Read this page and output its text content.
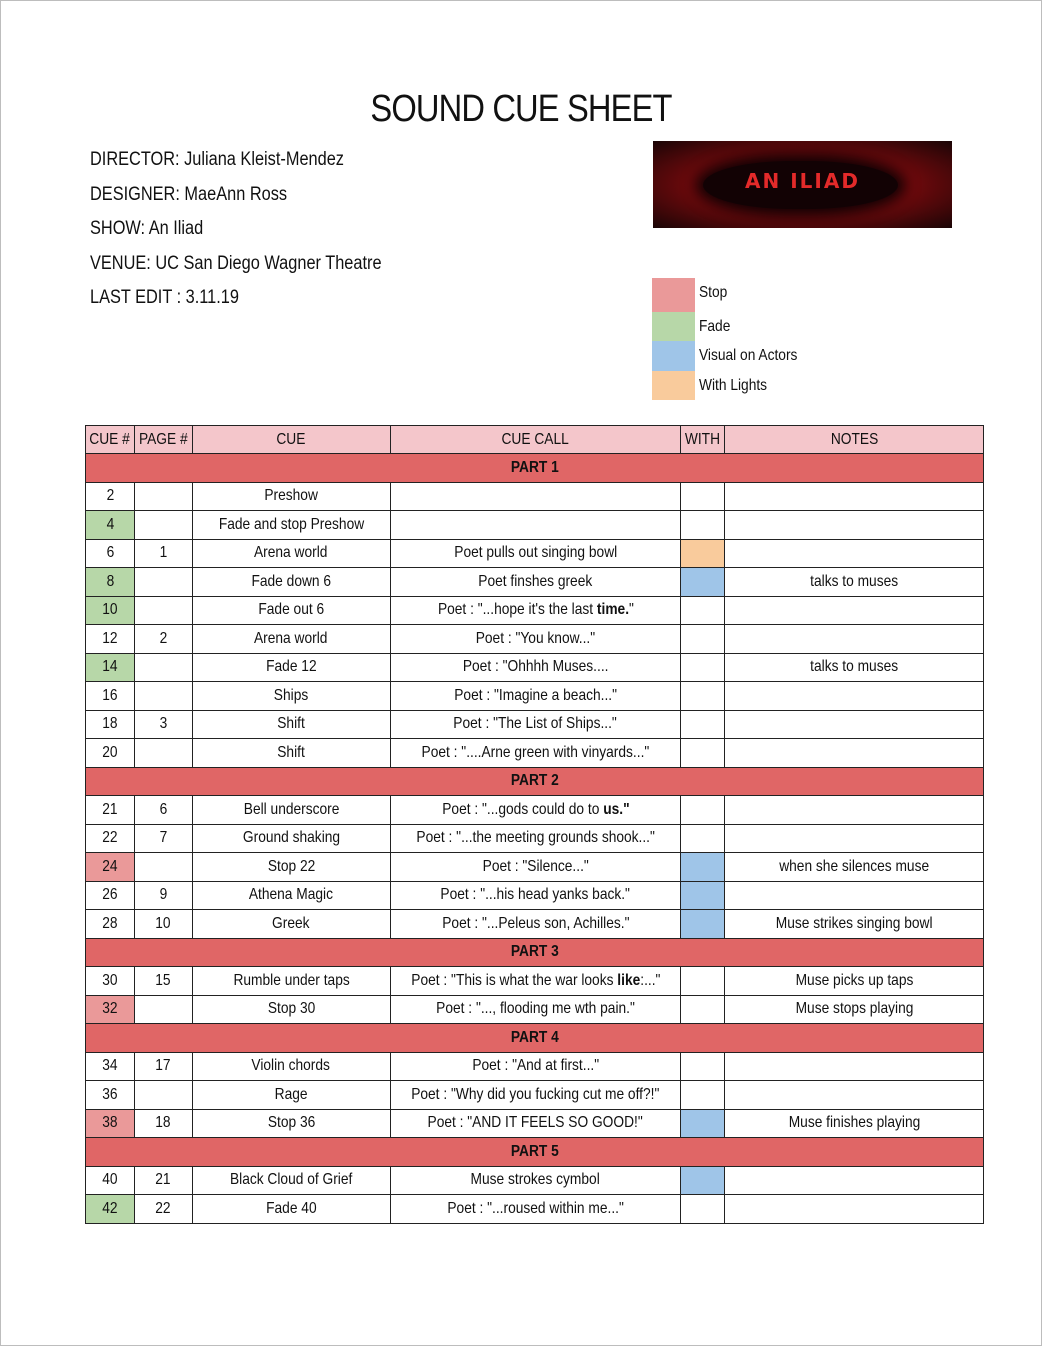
SOUND CUE SHEET
DIRECTOR: Juliana Kleist-Mendez
DESIGNER: MaeAnn Ross
SHOW: An Iliad
VENUE: UC San Diego Wagner Theatre
LAST EDIT : 3.11.19
AN ILIAD
Stop
Fade
Visual on Actors
With Lights
CUE #	PAGE #	CUE	CUE CALL	WITH	NOTES
PART 1					
2		Preshow			
4		Fade and stop Preshow			
6	1	Arena world	Poet pulls out singing bowl		
8		Fade down 6	Poet finshes greek		talks to muses
10		Fade out 6	Poet : "...hope it's the last time."		
12	2	Arena world	Poet : "You know..."		
14		Fade 12	Poet : "Ohhhh Muses....		talks to muses
16		Ships	Poet : "Imagine a beach..."		
18	3	Shift	Poet : "The List of Ships..."		
20		Shift	Poet : "....Arne green with vinyards..."		
PART 2					
21	6	Bell underscore	Poet : "...gods could do to us."		
22	7	Ground shaking	Poet : "...the meeting grounds shook..."		
24		Stop 22	Poet : "Silence..."		when she silences muse
26	9	Athena Magic	Poet : "...his head yanks back."		
28	10	Greek	Poet : "...Peleus son, Achilles."		Muse strikes singing bowl
PART 3					
30	15	Rumble under taps	Poet : "This is what the war looks like:..."		Muse picks up taps
32		Stop 30	Poet : "..., flooding me wth pain."		Muse stops playing
PART 4					
34	17	Violin chords	Poet : "And at first..."		
36		Rage	Poet : "Why did you fucking cut me off?!"		
38	18	Stop 36	Poet : "AND IT FEELS SO GOOD!"		Muse finishes playing
PART 5					
40	21	Black Cloud of Grief	Muse strokes cymbol		
42	22	Fade 40	Poet : "...roused within me..."		
